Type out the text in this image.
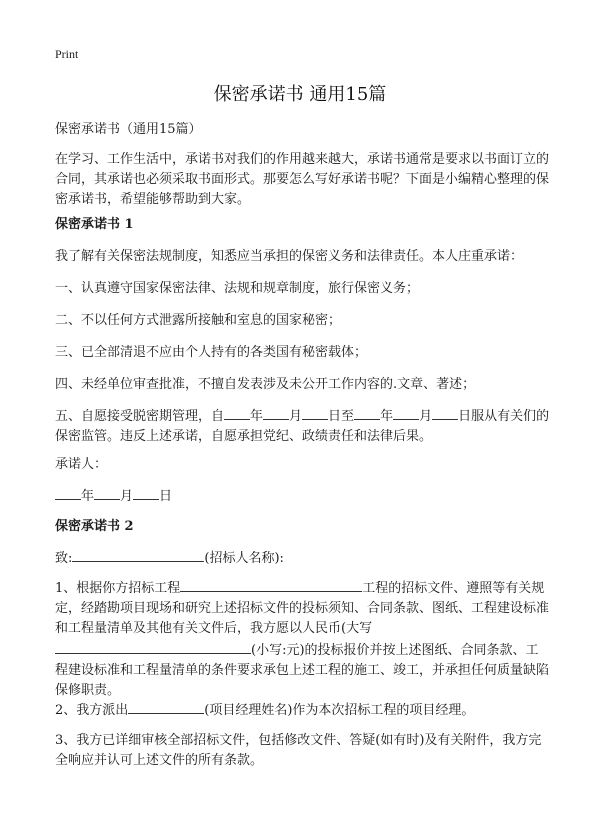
Print
保密承诺书 通用15篇
保密承诺书（通用15篇）
在学习、工作生活中，承诺书对我们的作用越来越大，承诺书通常是要求以书面订立的合同，其承诺也必须采取书面形式。那要怎么写好承诺书呢？下面是小编精心整理的保密承诺书，希望能够帮助到大家。
保密承诺书 1
我了解有关保密法规制度，知悉应当承担的保密义务和法律责任。本人庄重承诺：
一、认真遵守国家保密法律、法规和规章制度，旅行保密义务；
二、不以任何方式泄露所接触和室息的国家秘密；
三、已全部清退不应由个人持有的各类国有秘密载体；
四、未经单位审查批准，不擅自发表涉及未公开工作内容的.文章、著述；
五、自愿接受脱密期管理，自 年 月 日至 年 月 日服从有关们的保密监管。违反上述承诺，自愿承担党纪、政绩责任和法律后果。
承诺人：
年 月 日
保密承诺书 2
致:	(招标人名称):
1、根据你方招标工程	工程的招标文件、遵照等有关规定，经踏勘项目现场和研究上述招标文件的投标须知、合同条款、图纸、工程建设标准和工程量清单及其他有关文件后，我方愿以人民币(大写
(小写:元)的投标报价并按上述图纸、合同条款、工程建设标准和工程量清单的条件要求承包上述工程的施工、竣工，并承担任何质量缺陷保修职责。
2、我方派出	(项目经理姓名)作为本次招标工程的项目经理。
3、我方已详细审核全部招标文件，包括修改文件、答疑(如有时)及有关附件，我方完全响应并认可上述文件的所有条款。
